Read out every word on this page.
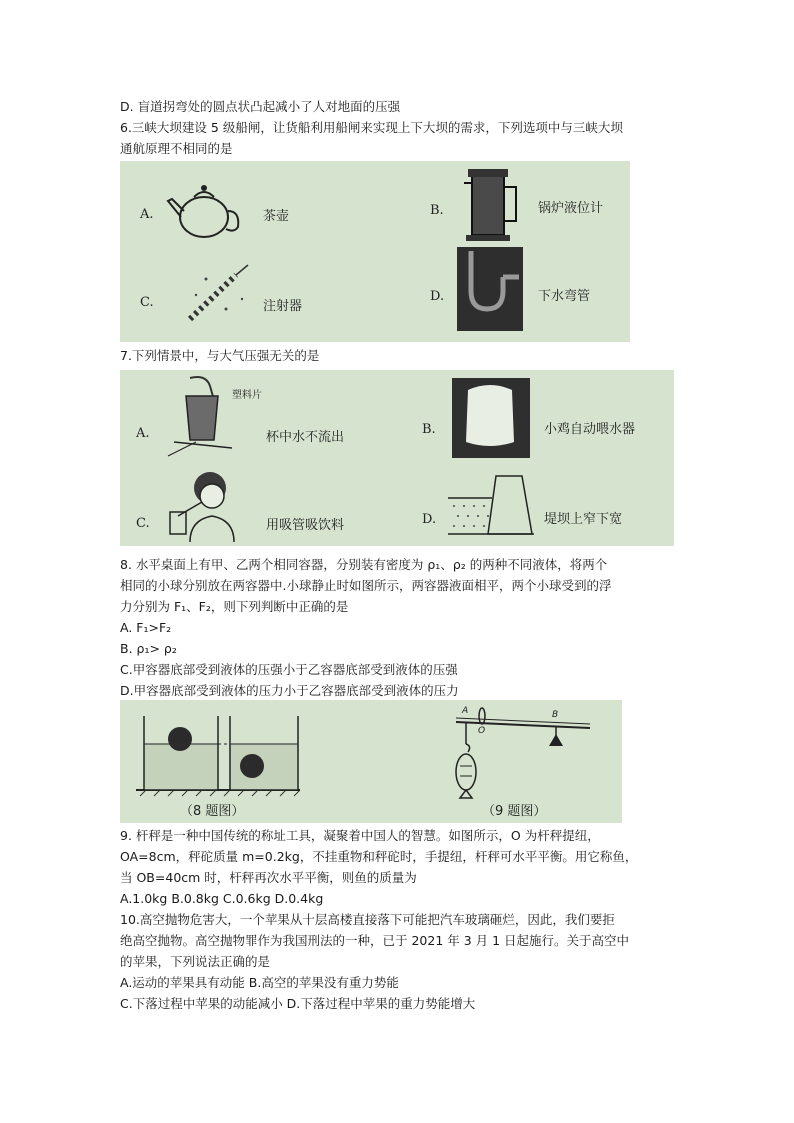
D. 盲道拐弯处的圆点状凸起减小了人对地面的压强
6.三峡大坝建设 5 级船闸，让货船利用船闸来实现上下大坝的需求，下列选项中与三峡大坝
通航原理不相同的是
A.	茶壶	B.	锅炉液位计
C.	注射器
D.	下水弯管
7.下列情景中，与大气压强无关的是
A.
塑料片
杯中水不流出
B.	小鸡自动喂水器
C.	用吸管吸饮料	D.	堤坝上窄下宽
8. 水平桌面上有甲、乙两个相同容器，分别装有密度为 ρ₁、ρ₂ 的两种不同液体，将两个
相同的小球分别放在两容器中.小球静止时如图所示，两容器液面相平，两个小球受到的浮
力分别为 F₁、F₂，则下列判断中正确的是
A. F₁>F₂
B. ρ₁> ρ₂
C.甲容器底部受到液体的压强小于乙容器底部受到液体的压强
D.甲容器底部受到液体的压力小于乙容器底部受到液体的压力
A
O
B
（8 题图）	（9 题图）
9. 杆秤是一种中国传统的称址工具，凝聚着中国人的智慧。如图所示，O 为杆秤提纽，
OA=8cm，秤砣质量 m=0.2kg，不挂重物和秤砣时，手提纽，杆秤可水平平衡。用它称鱼，
当 OB=40cm 时，杆秤再次水平平衡，则鱼的质量为
A.1.0kg B.0.8kg C.0.6kg D.0.4kg
10.高空抛物危害大，一个苹果从十层高楼直接落下可能把汽车玻璃砸烂，因此，我们要拒
绝高空抛物。高空抛物罪作为我国刑法的一种，已于 2021 年 3 月 1 日起施行。关于高空中
的苹果，下列说法正确的是
A.运动的苹果具有动能 B.高空的苹果没有重力势能
C.下落过程中苹果的动能减小 D.下落过程中苹果的重力势能增大
